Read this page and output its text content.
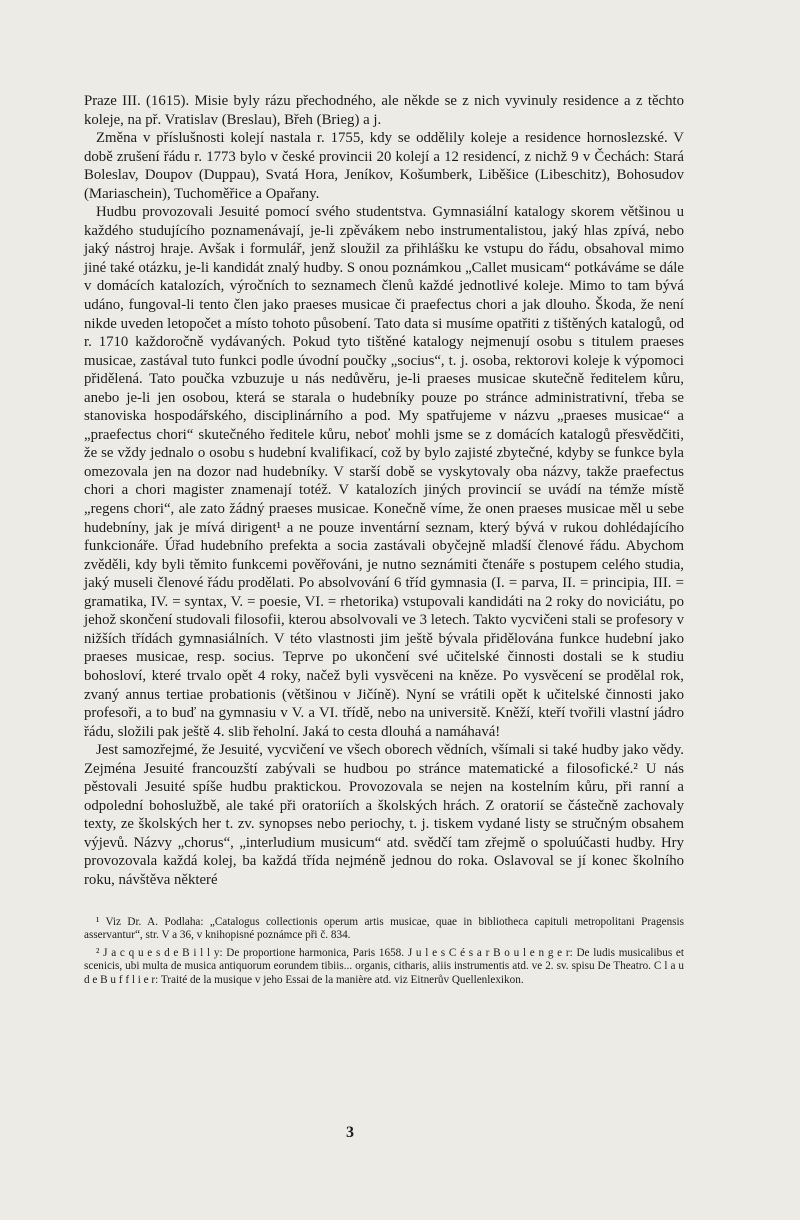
Praze III. (1615). Misie byly rázu přechodného, ale někde se z nich vyvinuly residence a z těchto koleje, na př. Vratislav (Breslau), Břeh (Brieg) a j.

Změna v příslušnosti kolejí nastala r. 1755, kdy se oddělily koleje a residence hornoslezské. V době zrušení řádu r. 1773 bylo v české provincii 20 kolejí a 12 residencí, z nichž 9 v Čechách: Stará Boleslav, Doupov (Duppau), Svatá Hora, Jeníkov, Košumberk, Liběšice (Libeschitz), Bohosudov (Mariaschein), Tuchoměřice a Opařany.

Hudbu provozovali Jesuité pomocí svého studentstva. Gymnasiální katalogy skorem většinou u každého studujícího poznamenávají, je-li zpěvákem nebo instrumentalistou, jaký hlas zpívá, nebo jaký nástroj hraje. Avšak i formulář, jenž sloužil za přihlášku ke vstupu do řádu, obsahoval mimo jiné také otázku, je-li kandidát znalý hudby. S onou poznámkou „Callet musicam“ potkáváme se dále v domácích katalozích, výročních to seznamech členů každé jednotlivé koleje. Mimo to tam bývá udáno, fungoval-li tento člen jako praeses musicae či praefectus chori a jak dlouho. Škoda, že není nikde uveden letopočet a místo tohoto působení. Tato data si musíme opatřiti z tištěných katalogů, od r. 1710 každoročně vydávaných. Pokud tyto tištěné katalogy nejmenují osobu s titulem praeses musicae, zastával tuto funkci podle úvodní poučky „socius“, t. j. osoba, rektorovi koleje k výpomoci přidělená. Tato poučka vzbuzuje u nás nedůvěru, je-li praeses musicae skutečně ředitelem kůru, anebo je-li jen osobou, která se starala o hudebníky pouze po stránce administrativní, třeba se stanoviska hospodářského, disciplinárního a pod. My spatřujeme v názvu „praeses musicae“ a „praefectus chori“ skutečného ředitele kůru, neboť mohli jsme se z domácích katalogů přesvědčiti, že se vždy jednalo o osobu s hudební kvalifikací, což by bylo zajisté zbytečné, kdyby se funkce byla omezovala jen na dozor nad hudebníky. V starší době se vyskytovaly oba názvy, takže praefectus chori a chori magister znamenají totéž. V katalozích jiných provincií se uvádí na témže místě „regens chori“, ale zato žádný praeses musicae. Konečně víme, že onen praeses musicae měl u sebe hudebníny, jak je mívá dirigent¹ a ne pouze inventární seznam, který bývá v rukou dohlédajícího funkcionáře. Úřad hudebního prefekta a socia zastávali obyčejně mladší členové řádu. Abychom zvěděli, kdy byli těmito funkcemi pověřováni, je nutno seznámiti čtenáře s postupem celého studia, jaký museli členové řádu prodělati. Po absolvování 6 tříd gymnasia (I. = parva, II. = principia, III. = gramatika, IV. = syntax, V. = poesie, VI. = rhetorika) vstupovali kandidáti na 2 roky do noviciátu, po jehož skončení studovali filosofii, kterou absolvovali ve 3 letech. Takto vycvičeni stali se profesory v nižších třídách gymnasiálních. V této vlastnosti jim ještě bývala přidělována funkce hudební jako praeses musicae, resp. socius. Teprve po ukončení své učitelské činnosti dostali se k studiu bohosloví, které trvalo opět 4 roky, načež byli vysvěceni na kněze. Po vysvěcení se prodělal rok, zvaný annus tertiae probationis (většinou v Jičíně). Nyní se vrátili opět k učitelské činnosti jako profesoři, a to buď na gymnasiu v V. a VI. třídě, nebo na universitě. Kněží, kteří tvořili vlastní jádro řádu, složili pak ještě 4. slib řeholní. Jaká to cesta dlouhá a namáhavá!

Jest samozřejmé, že Jesuité, vycvičení ve všech oborech vědních, všímali si také hudby jako vědy. Zejména Jesuité francouzští zabývali se hudbou po stránce matematické a filosofické.² U nás pěstovali Jesuité spíše hudbu praktickou. Provozovala se nejen na kostelním kůru, při ranní a odpolední bohoslužbě, ale také při oratoriích a školských hrách. Z oratorií se částečně zachovaly texty, ze školských her t. zv. synopses nebo periochy, t. j. tiskem vydané listy se stručným obsahem výjevů. Názvy „chorus“, „interludium musicum“ atd. svědčí tam zřejmě o spoluúčasti hudby. Hry provozovala každá kolej, ba každá třída nejméně jednou do roka. Oslavoval se jí konec školního roku, návštěva některé

¹ Viz Dr. A. Podlaha: „Catalogus collectionis operum artis musicae, quae in bibliotheca capituli metropolitani Pragensis asservantur“, str. V a 36, v knihopisné poznámce při č. 834.

² J a c q u e s d e B i l l y: De proportione harmonica, Paris 1658. J u l e s C é s a r B o u l e n g e r: De ludis musicalibus et scenicis, ubi multa de musica antiquorum eorundem tibiis... organis, citharis, aliis instrumentis atd. ve 2. sv. spisu De Theatro. C l a u d e B u f f l i e r: Traité de la musique v jeho Essai de la manière atd. viz Eitnerův Quellenlexikon.

3
